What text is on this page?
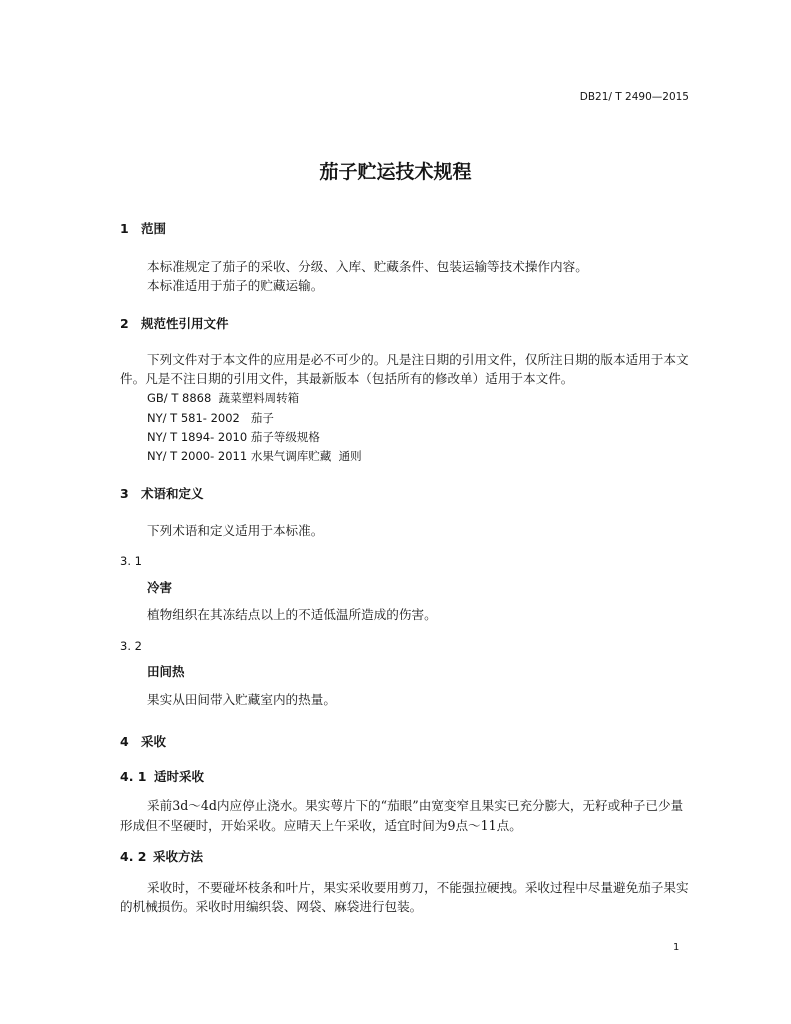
DB21/ T 2490—2015
茄子贮运技术规程
1 范围
本标准规定了茄子的采收、分级、入库、贮藏条件、包装运输等技术操作内容。
本标准适用于茄子的贮藏运输。
2 规范性引用文件
下列文件对于本文件的应用是必不可少的。凡是注日期的引用文件，仅所注日期的版本适用于本文
件。凡是不注日期的引用文件，其最新版本（包括所有的修改单）适用于本文件。
GB/ T 8868  蔬菜塑料周转箱
NY/ T 581- 2002   茄子
NY/ T 1894- 2010 茄子等级规格
NY/ T 2000- 2011 水果气调库贮藏  通则
3 术语和定义
下列术语和定义适用于本标准。
3. 1
冷害
植物组织在其冻结点以上的不适低温所造成的伤害。
3. 2
田间热
果实从田间带入贮藏室内的热量。
4 采收
4. 1 适时采收
采前3d～4d内应停止浇水。果实萼片下的“茄眼”由宽变窄且果实已充分膨大，无籽或种子已少量
形成但不坚硬时，开始采收。应晴天上午采收，适宜时间为9点～11点。
4. 2 采收方法
采收时，不要碰坏枝条和叶片，果实采收要用剪刀，不能强拉硬拽。采收过程中尽量避免茄子果实
的机械损伤。采收时用编织袋、网袋、麻袋进行包装。
1
